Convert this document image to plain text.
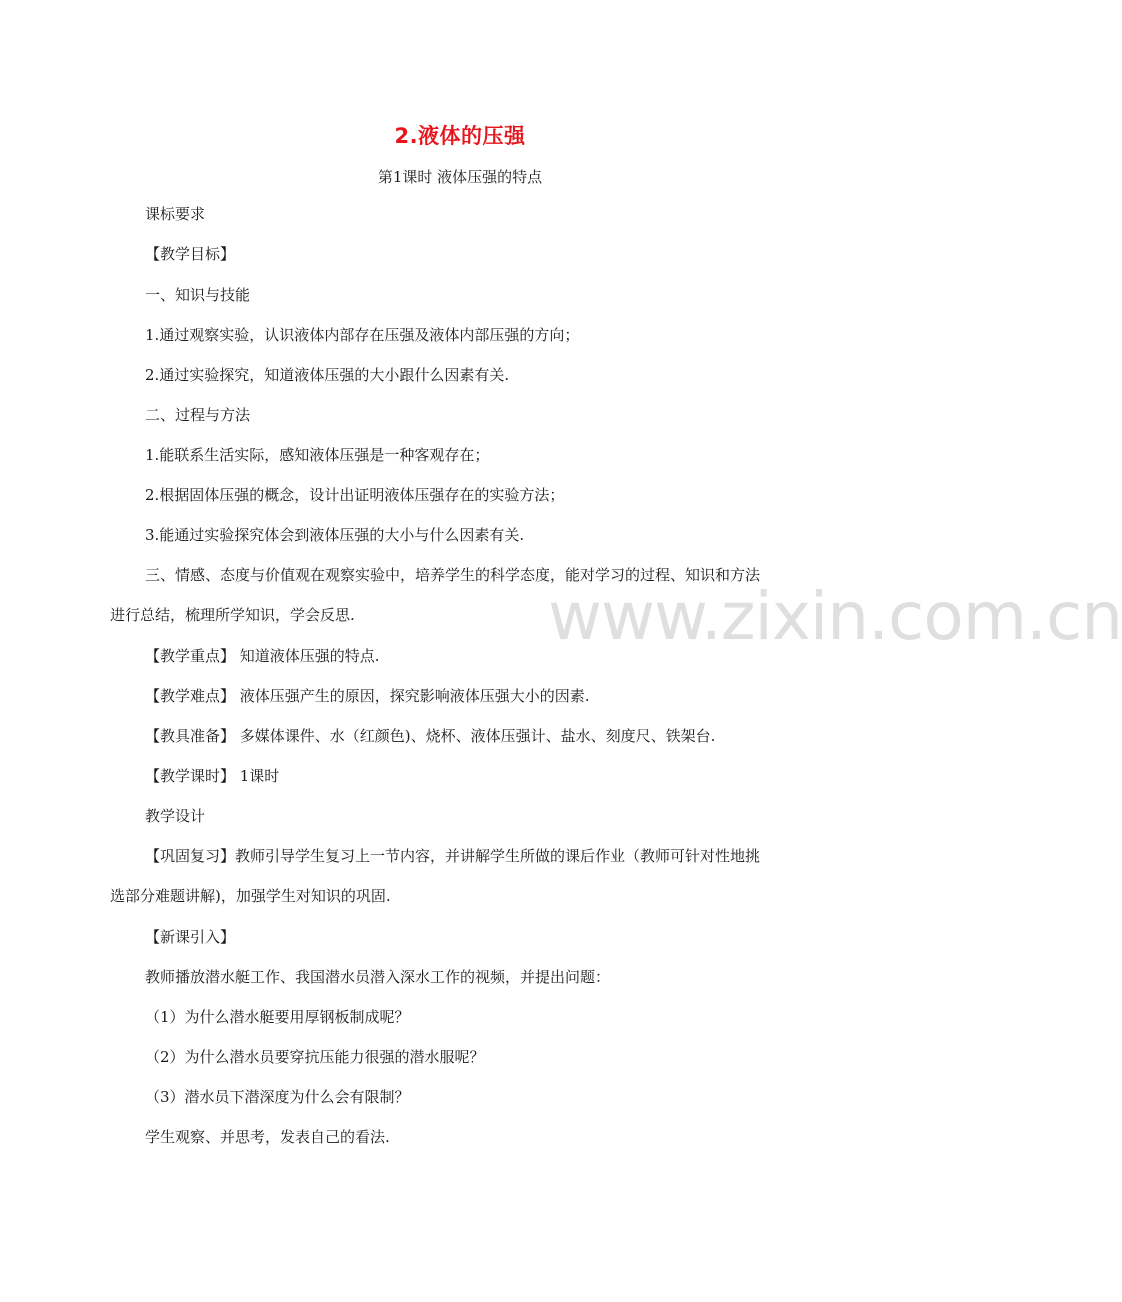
2.液体的压强
第1课时 液体压强的特点
课标要求
【教学目标】
一、知识与技能
1.通过观察实验，认识液体内部存在压强及液体内部压强的方向；
2.通过实验探究，知道液体压强的大小跟什么因素有关.
二、过程与方法
1.能联系生活实际，感知液体压强是一种客观存在；
2.根据固体压强的概念，设计出证明液体压强存在的实验方法；
3.能通过实验探究体会到液体压强的大小与什么因素有关.
三、情感、态度与价值观在观察实验中，培养学生的科学态度，能对学习的过程、知识和方法
进行总结，梳理所学知识，学会反思.
【教学重点】 知道液体压强的特点.
【教学难点】 液体压强产生的原因，探究影响液体压强大小的因素.
【教具准备】 多媒体课件、水（红颜色)、烧杯、液体压强计、盐水、刻度尺、铁架台.
【教学课时】 1课时
教学设计
【巩固复习】教师引导学生复习上一节内容，并讲解学生所做的课后作业（教师可针对性地挑
选部分难题讲解)，加强学生对知识的巩固.
【新课引入】
教师播放潜水艇工作、我国潜水员潜入深水工作的视频，并提出问题：
（1）为什么潜水艇要用厚钢板制成呢？
（2）为什么潜水员要穿抗压能力很强的潜水服呢？
（3）潜水员下潜深度为什么会有限制？
学生观察、并思考，发表自己的看法.
www.zixin.com.cn
